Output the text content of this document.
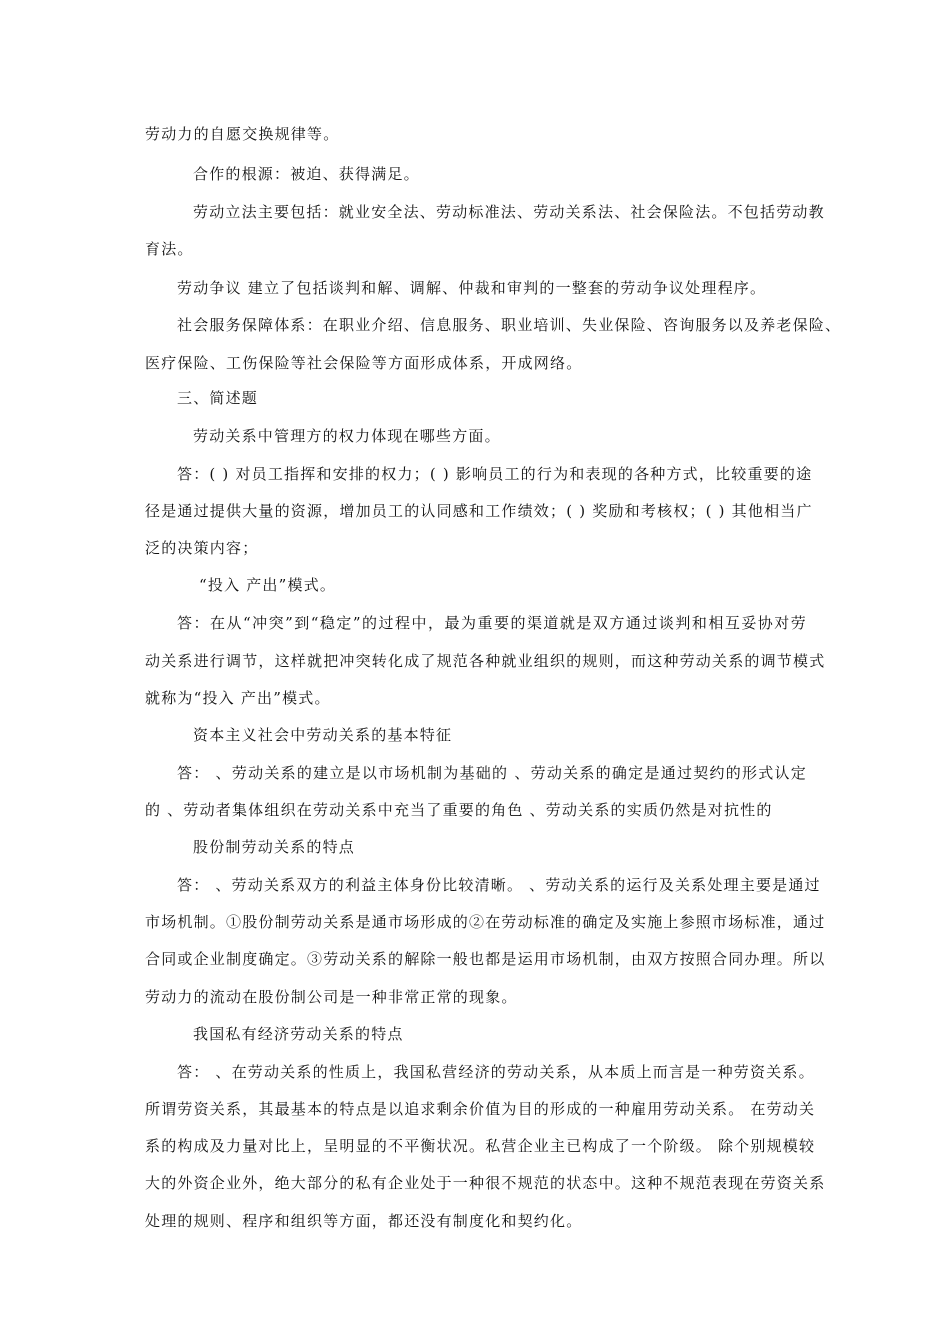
劳动力的自愿交换规律等。
合作的根源：被迫、获得满足。
劳动立法主要包括：就业安全法、劳动标准法、劳动关系法、社会保险法。不包括劳动教
育法。
劳动争议 建立了包括谈判和解、调解、仲裁和审判的一整套的劳动争议处理程序。
社会服务保障体系：在职业介绍、信息服务、职业培训、失业保险、咨询服务以及养老保险、
医疗保险、工伤保险等社会保险等方面形成体系，开成网络。
三、简述题
劳动关系中管理方的权力体现在哪些方面。
答：( ) 对员工指挥和安排的权力；( ) 影响员工的行为和表现的各种方式，比较重要的途
径是通过提供大量的资源，增加员工的认同感和工作绩效；( ) 奖励和考核权；( ) 其他相当广
泛的决策内容；
“投入 产出”模式。
答：在从“冲突”到“稳定”的过程中，最为重要的渠道就是双方通过谈判和相互妥协对劳
动关系进行调节，这样就把冲突转化成了规范各种就业组织的规则，而这种劳动关系的调节模式
就称为“投入 产出”模式。
资本主义社会中劳动关系的基本特征
答： 、劳动关系的建立是以市场机制为基础的 、劳动关系的确定是通过契约的形式认定
的 、劳动者集体组织在劳动关系中充当了重要的角色 、劳动关系的实质仍然是对抗性的
股份制劳动关系的特点
答： 、劳动关系双方的利益主体身份比较清晰。 、劳动关系的运行及关系处理主要是通过
市场机制。①股份制劳动关系是通市场形成的②在劳动标准的确定及实施上参照市场标准，通过
合同或企业制度确定。③劳动关系的解除一般也都是运用市场机制，由双方按照合同办理。所以
劳动力的流动在股份制公司是一种非常正常的现象。
我国私有经济劳动关系的特点
答： 、在劳动关系的性质上，我国私营经济的劳动关系，从本质上而言是一种劳资关系。
所谓劳资关系，其最基本的特点是以追求剩余价值为目的形成的一种雇用劳动关系。 在劳动关
系的构成及力量对比上，呈明显的不平衡状况。私营企业主已构成了一个阶级。 除个别规模较
大的外资企业外，绝大部分的私有企业处于一种很不规范的状态中。这种不规范表现在劳资关系
处理的规则、程序和组织等方面，都还没有制度化和契约化。
